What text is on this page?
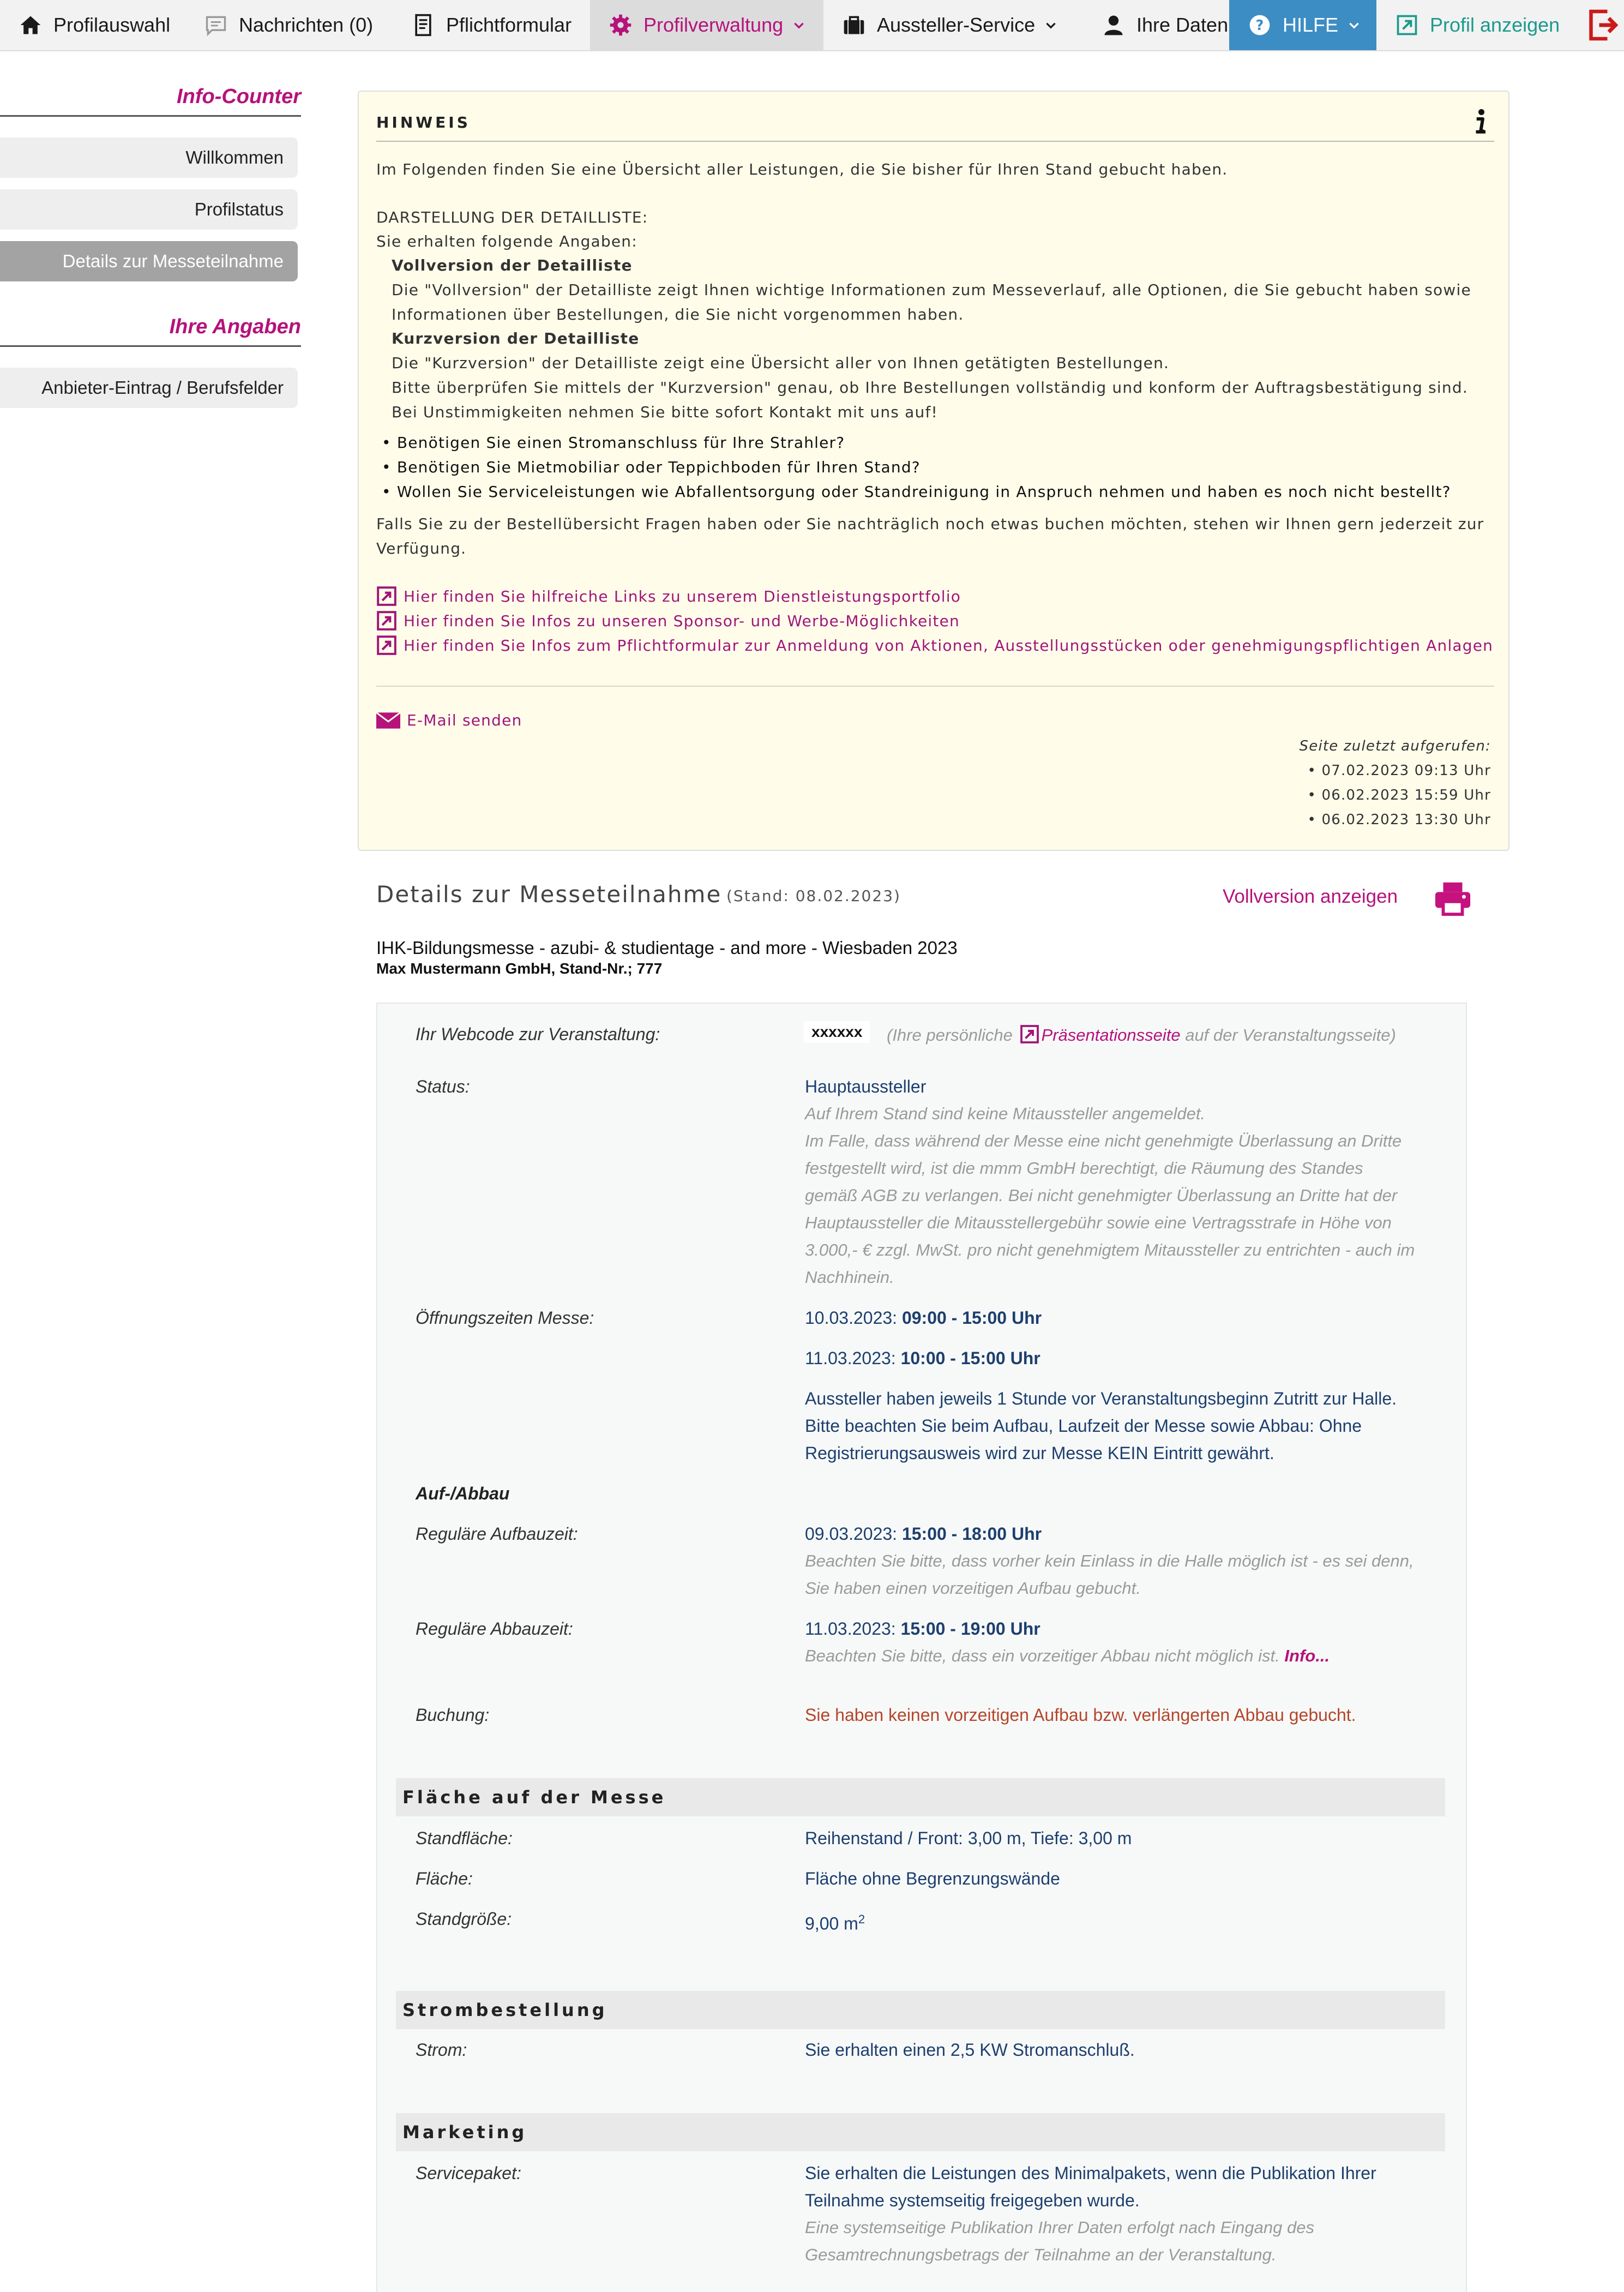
Profilauswahl	Nachrichten (0)	Pflichtformular	Profilverwaltung	Aussteller-Service	Ihre Daten	? HILFE	Profil anzeigen
Info-Counter
Willkommen
Profilstatus
Details zur Messeteilnahme
Ihre Angaben
Anbieter-Eintrag / Berufsfelder
HINWEIS
Im Folgenden finden Sie eine Übersicht aller Leistungen, die Sie bisher für Ihren Stand gebucht haben.
DARSTELLUNG DER DETAILLISTE:
Sie erhalten folgende Angaben:
Vollversion der Detailliste
Die "Vollversion" der Detailliste zeigt Ihnen wichtige Informationen zum Messeverlauf, alle Optionen, die Sie gebucht haben sowie
Informationen über Bestellungen, die Sie nicht vorgenommen haben.
Kurzversion der Detailliste
Die "Kurzversion" der Detailliste zeigt eine Übersicht aller von Ihnen getätigten Bestellungen.
Bitte überprüfen Sie mittels der "Kurzversion" genau, ob Ihre Bestellungen vollständig und konform der Auftragsbestätigung sind.
Bei Unstimmigkeiten nehmen Sie bitte sofort Kontakt mit uns auf!
• Benötigen Sie einen Stromanschluss für Ihre Strahler?
• Benötigen Sie Mietmobiliar oder Teppichboden für Ihren Stand?
• Wollen Sie Serviceleistungen wie Abfallentsorgung oder Standreinigung in Anspruch nehmen und haben es noch nicht bestellt?
Falls Sie zu der Bestellübersicht Fragen haben oder Sie nachträglich noch etwas buchen möchten, stehen wir Ihnen gern jederzeit zur
Verfügung.
Hier finden Sie hilfreiche Links zu unserem Dienstleistungsportfolio
Hier finden Sie Infos zu unseren Sponsor- und Werbe-Möglichkeiten
Hier finden Sie Infos zum Pflichtformular zur Anmeldung von Aktionen, Ausstellungsstücken oder genehmigungspflichtigen Anlagen
E-Mail senden
Seite zuletzt aufgerufen:
• 07.02.2023 09:13 Uhr
• 06.02.2023 15:59 Uhr
• 06.02.2023 13:30 Uhr
Details zur Messeteilnahme (Stand: 08.02.2023)	Vollversion anzeigen
IHK-Bildungsmesse - azubi- & studientage - and more - Wiesbaden 2023
Max Mustermann GmbH, Stand-Nr.; 777
Ihr Webcode zur Veranstaltung:	xxxxxx	(Ihre persönliche Präsentationsseite auf der Veranstaltungsseite)
Status:	Hauptaussteller
Auf Ihrem Stand sind keine Mitaussteller angemeldet.
Im Falle, dass während der Messe eine nicht genehmigte Überlassung an Dritte
festgestellt wird, ist die mmm GmbH berechtigt, die Räumung des Standes
gemäß AGB zu verlangen. Bei nicht genehmigter Überlassung an Dritte hat der
Hauptaussteller die Mitausstellergebühr sowie eine Vertragsstrafe in Höhe von
3.000,- € zzgl. MwSt. pro nicht genehmigtem Mitaussteller zu entrichten - auch im
Nachhinein.
Öffnungszeiten Messe:	10.03.2023: 09:00 - 15:00 Uhr
11.03.2023: 10:00 - 15:00 Uhr
Aussteller haben jeweils 1 Stunde vor Veranstaltungsbeginn Zutritt zur Halle.
Bitte beachten Sie beim Aufbau, Laufzeit der Messe sowie Abbau: Ohne
Registrierungsausweis wird zur Messe KEIN Eintritt gewährt.
Auf-/Abbau
Reguläre Aufbauzeit:	09.03.2023: 15:00 - 18:00 Uhr
Beachten Sie bitte, dass vorher kein Einlass in die Halle möglich ist - es sei denn,
Sie haben einen vorzeitigen Aufbau gebucht.
Reguläre Abbauzeit:	11.03.2023: 15:00 - 19:00 Uhr
Beachten Sie bitte, dass ein vorzeitiger Abbau nicht möglich ist. Info...
Buchung:	Sie haben keinen vorzeitigen Aufbau bzw. verlängerten Abbau gebucht.
Fläche auf der Messe
Standfläche:	Reihenstand / Front: 3,00 m, Tiefe: 3,00 m
Fläche:	Fläche ohne Begrenzungswände
Standgröße:	9,00 $m^2$
Strombestellung
Strom:	Sie erhalten einen 2,5 KW Stromanschluß.
Marketing
Servicepaket:	Sie erhalten die Leistungen des Minimalpakets, wenn die Publikation Ihrer
Teilnahme systemseitig freigegeben wurde.
Eine systemseitige Publikation Ihrer Daten erfolgt nach Eingang des
Gesamtrechnungsbetrags der Teilnahme an der Veranstaltung.
